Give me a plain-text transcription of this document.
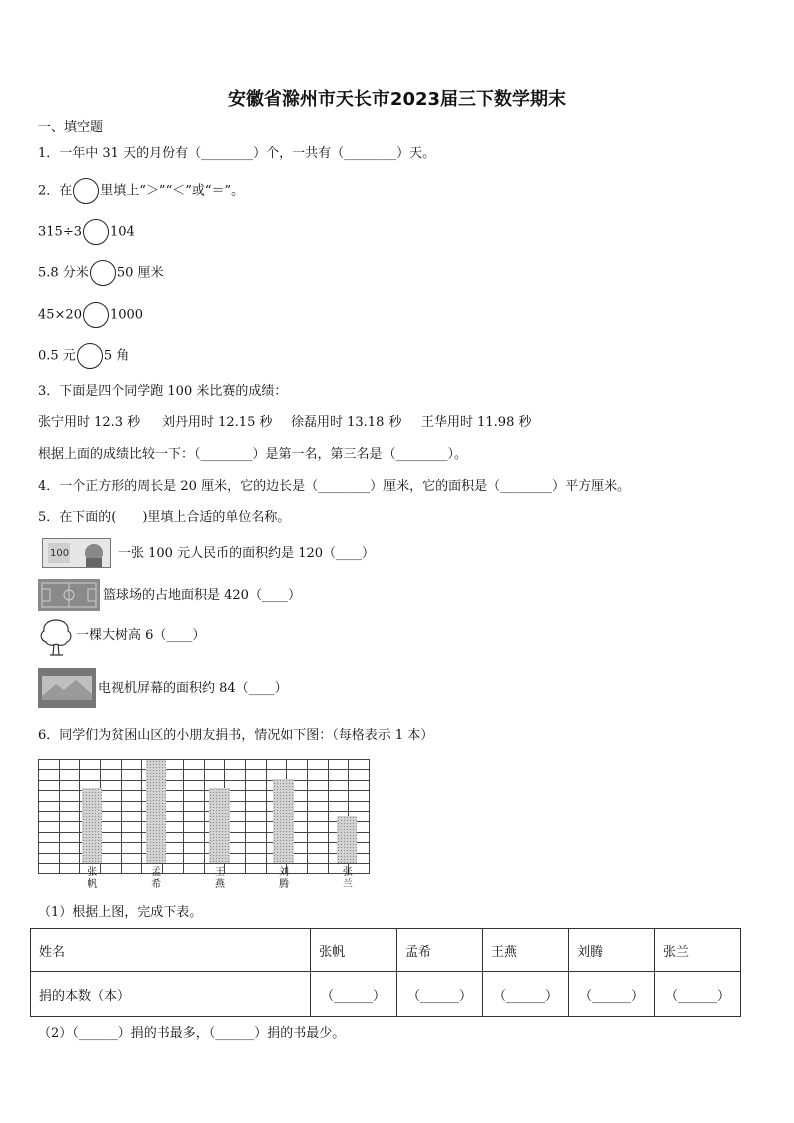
安徽省滁州市天长市2023届三下数学期末
一、填空题
1．一年中 31 天的月份有（________）个，一共有（________）天。
2．在 里填上“＞”“＜”或“＝”。
315÷3 104
5.8 分米 50 厘米
45×20 1000
0.5 元 5 角
3．下面是四个同学跑 100 米比赛的成绩：
张宁用时 12.3 秒 刘丹用时 12.15 秒 徐磊用时 13.18 秒 王华用时 11.98 秒
根据上面的成绩比较一下：（________）是第一名，第三名是（________）。
4．一个正方形的周长是 20 厘米，它的边长是（________）厘米，它的面积是（________）平方厘米。
5．在下面的(　　)里填上合适的单位名称。
100	一张 100 元人民币的面积约是 120（____）
篮球场的占地面积是 420（____）
一棵大树高 6（____）
电视机屏幕的面积约 84（____）
6．同学们为贫困山区的小朋友捐书，情况如下图：（每格表示 1 本）

张帆
孟希
王燕
刘腾
张兰
（1）根据上图，完成下表。
姓名	张帆	孟希	王燕	刘腾	张兰
捐的本数（本）	（______）	（______）	（______）	（______）	（______）
（2）（______）捐的书最多，（______）捐的书最少。
